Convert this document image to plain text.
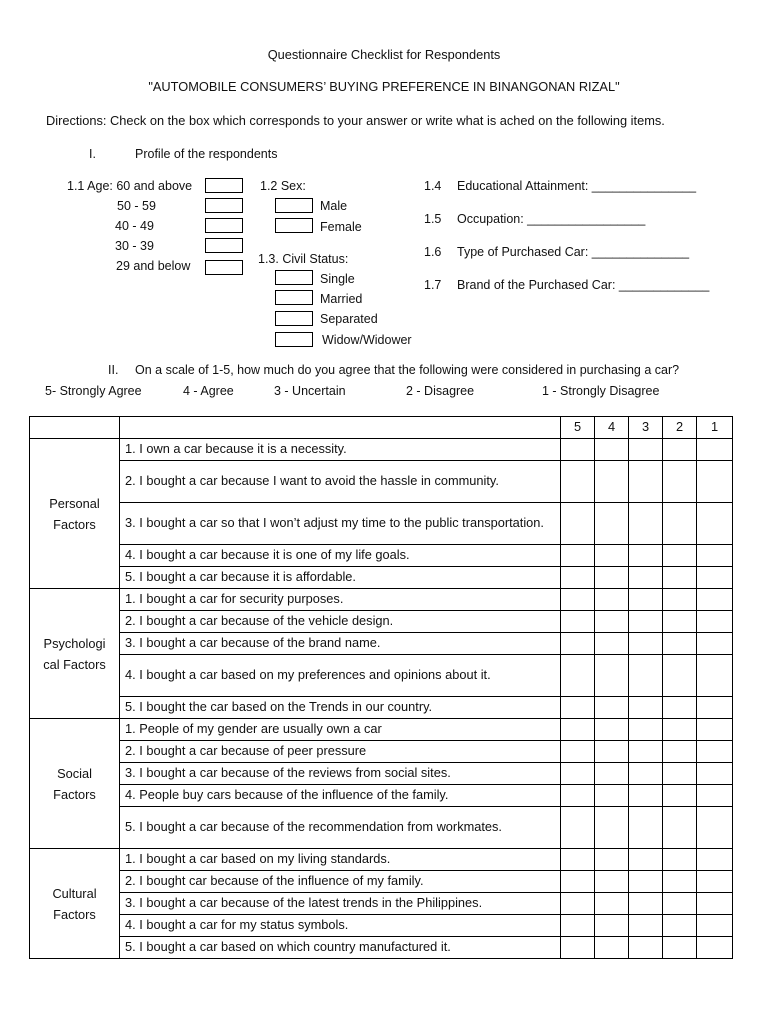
Questionnaire Checklist for Respondents
"AUTOMOBILE CONSUMERS’ BUYING PREFERENCE IN BINANGONAN RIZAL"
Directions: Check on the box which corresponds to your answer or write what is ached on the following items.
I.	Profile of the respondents
1.1 Age: 60 and above
50 - 59
40 - 49
30 - 39
29 and below
1.2 Sex:
Male
Female
1.3. Civil Status:
Single
Married
Separated
Widow/Widower
1.4 Educational Attainment: _______________
1.5 Occupation: _________________
1.6 Type of Purchased Car: ______________
1.7 Brand of the Purchased Car: _____________
II. On a scale of 1-5, how much do you agree that the following were considered in purchasing a car?
5- Strongly Agree	4 - Agree	3 - Uncertain	2 - Disagree	1 - Strongly Disagree
		5	4	3	2	1

Personal
Factors	1. I own a car because it is a necessity.					
	2. I bought a car because I want to avoid the hassle in community.					
	3. I bought a car so that I won’t adjust my time to the public transportation.					
	4. I bought a car because it is one of my life goals.					
	5. I bought a car because it is affordable.					

Psychologi
cal Factors	1. I bought a car for security purposes.					
	2. I bought a car because of the vehicle design.					
	3. I bought a car because of the brand name.					
	4. I bought a car based on my preferences and opinions about it.					
	5. I bought the car based on the Trends in our country.					

Social
Factors	1. People of my gender are usually own a car					
	2. I bought a car because of peer pressure					
	3. I bought a car because of the reviews from social sites.					
	4. People buy cars because of the influence of the family.					
	5. I bought a car because of the recommendation from workmates.					

Cultural
Factors	1. I bought a car based on my living standards.					
	2. I bought car because of the influence of my family.					
	3. I bought a car because of the latest trends in the Philippines.					
	4. I bought a car for my status symbols.					
	5. I bought a car based on which country manufactured it.					
